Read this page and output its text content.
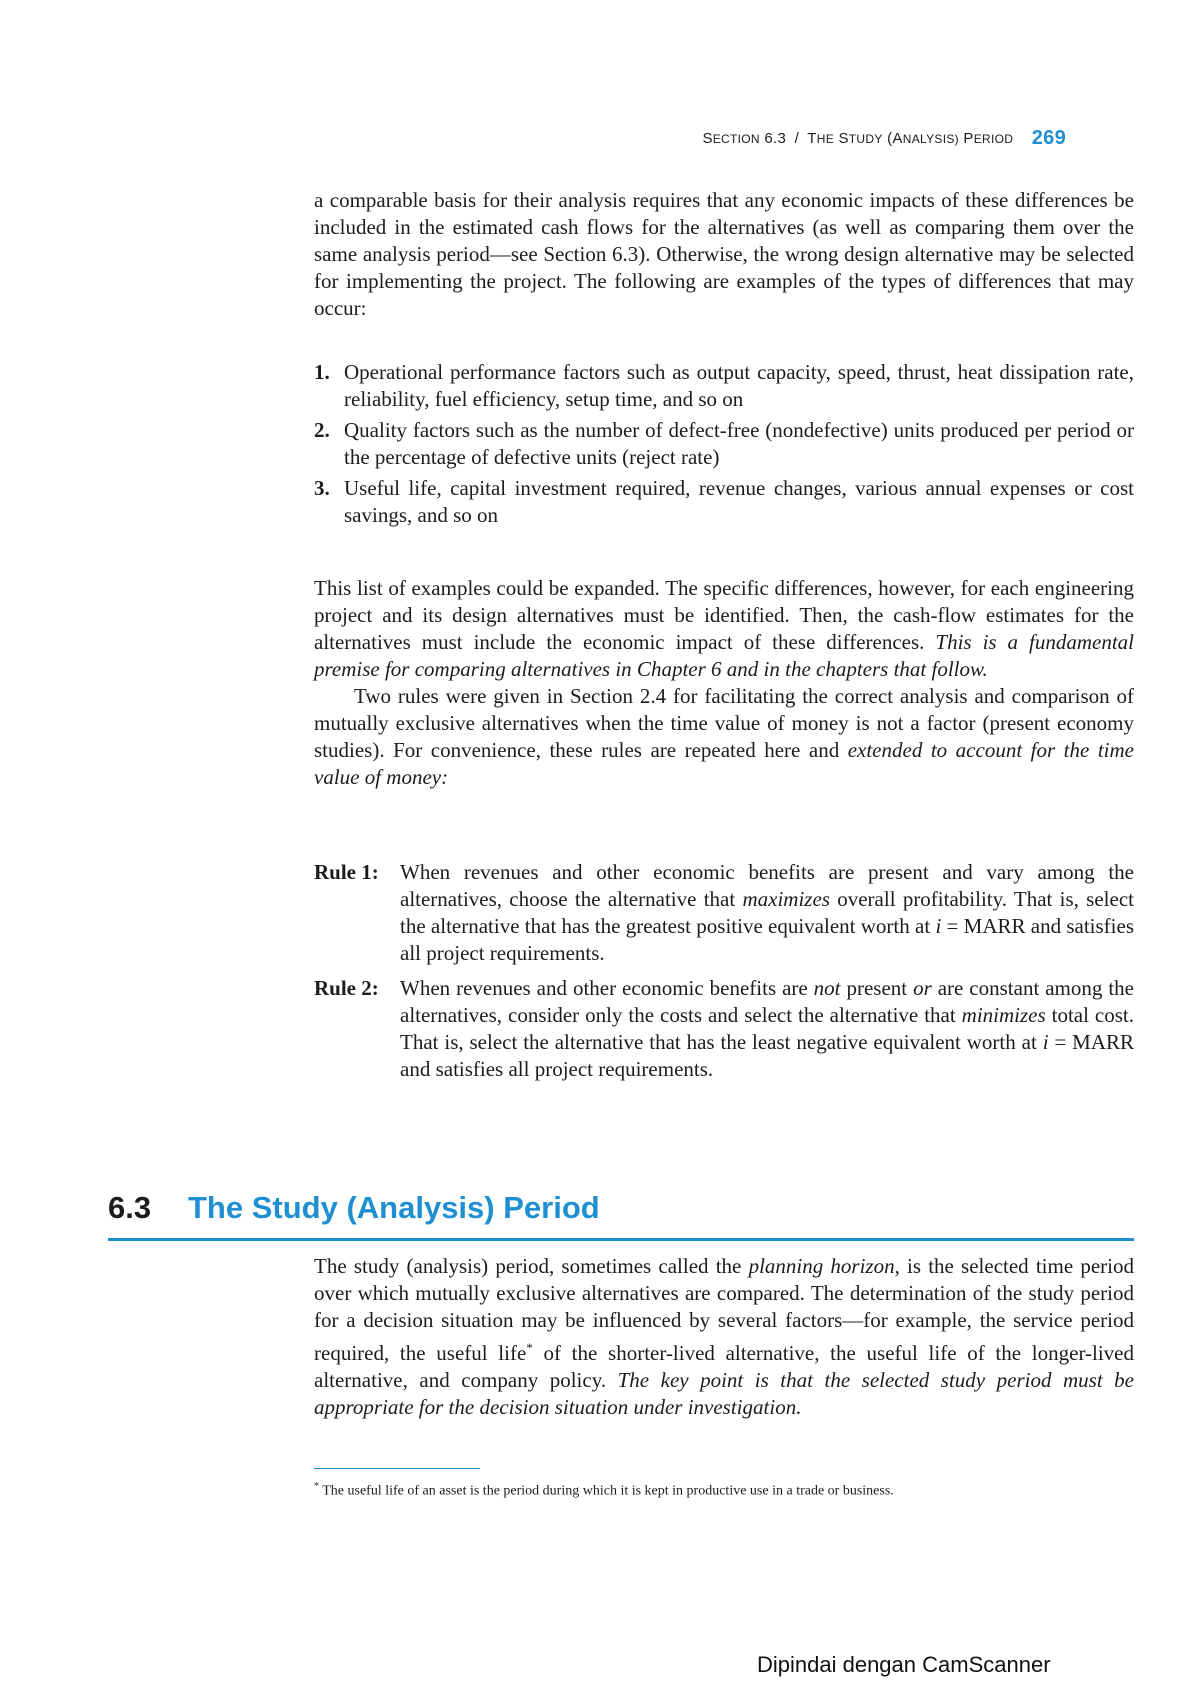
SECTION 6.3 / THE STUDY (ANALYSIS) PERIOD 269

a comparable basis for their analysis requires that any economic impacts of these differences be included in the estimated cash flows for the alternatives (as well as comparing them over the same analysis period—see Section 6.3). Otherwise, the wrong design alternative may be selected for implementing the project. The following are examples of the types of differences that may occur:

1. Operational performance factors such as output capacity, speed, thrust, heat dissipation rate, reliability, fuel efficiency, setup time, and so on
2. Quality factors such as the number of defect-free (nondefective) units produced per period or the percentage of defective units (reject rate)
3. Useful life, capital investment required, revenue changes, various annual expenses or cost savings, and so on

This list of examples could be expanded. The specific differences, however, for each engineering project and its design alternatives must be identified. Then, the cash-flow estimates for the alternatives must include the economic impact of these differences. This is a fundamental premise for comparing alternatives in Chapter 6 and in the chapters that follow.

Two rules were given in Section 2.4 for facilitating the correct analysis and comparison of mutually exclusive alternatives when the time value of money is not a factor (present economy studies). For convenience, these rules are repeated here and extended to account for the time value of money:

Rule 1:	When revenues and other economic benefits are present and vary among the alternatives, choose the alternative that maximizes overall profitability. That is, select the alternative that has the greatest positive equivalent worth at i = MARR and satisfies all project requirements.
Rule 2:	When revenues and other economic benefits are not present or are constant among the alternatives, consider only the costs and select the alternative that minimizes total cost. That is, select the alternative that has the least negative equivalent worth at i = MARR and satisfies all project requirements.
6.3 The Study (Analysis) Period

The study (analysis) period, sometimes called the planning horizon, is the selected time period over which mutually exclusive alternatives are compared. The determination of the study period for a decision situation may be influenced by several factors—for example, the service period required, the useful life* of the shorter-lived alternative, the useful life of the longer-lived alternative, and company policy. The key point is that the selected study period must be appropriate for the decision situation under investigation.

* The useful life of an asset is the period during which it is kept in productive use in a trade or business.
Dipindai dengan CamScanner
